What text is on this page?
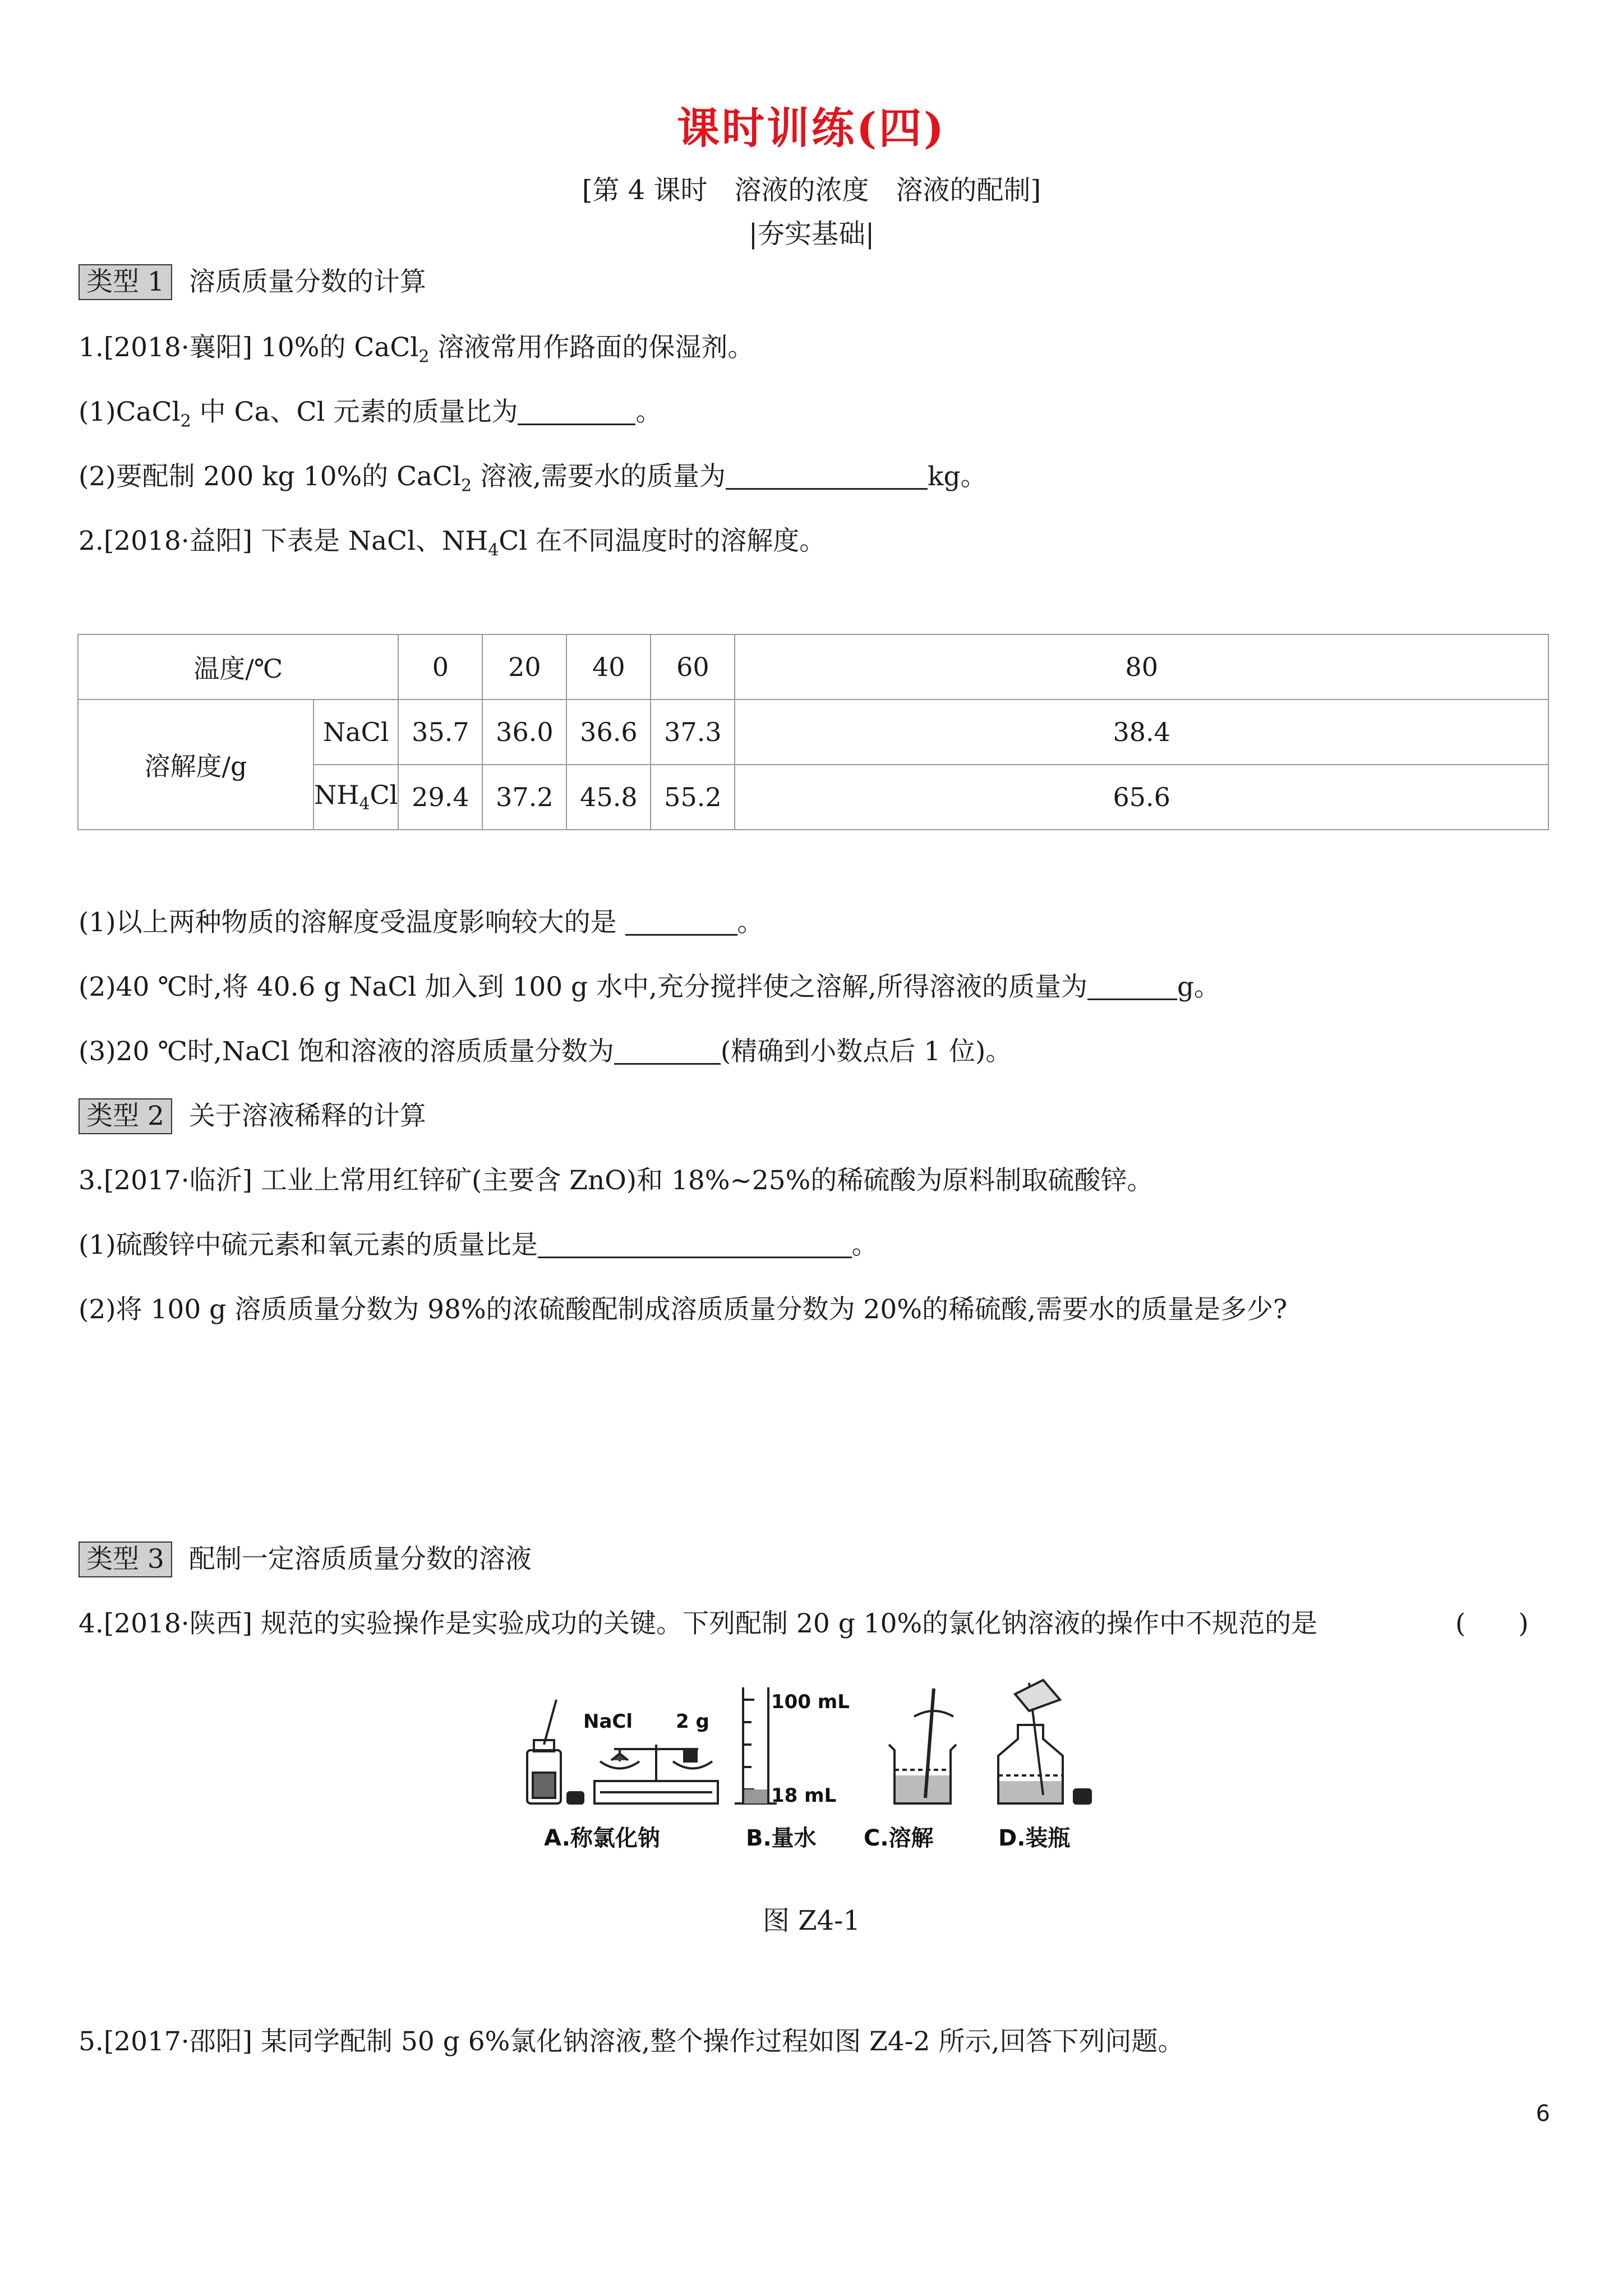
课时训练(四)
[第 4 课时　溶液的浓度　溶液的配制]
|夯实基础|
类型 1 溶质质量分数的计算
1.[2018·襄阳] 10%的 CaCl$_2$ 溶液常用作路面的保湿剂。
(1)CaCl$_2$ 中 Ca、Cl 元素的质量比为	。
(2)要配制 200 kg 10%的 CaCl$_2$ 溶液,需要水的质量为	kg。
2.[2018·益阳] 下表是 NaCl、$NH_4Cl$ 在不同温度时的溶解度。
温度/℃		0	20	40	60	80
溶解度/g	NaCl	35.7	36.0	36.6	37.3	38.4
	$NH_4Cl$	29.4	37.2	45.8	55.2	65.6
(1)以上两种物质的溶解度受温度影响较大的是	。
(2)40 ℃时,将 40.6 g NaCl 加入到 100 g 水中,充分搅拌使之溶解,所得溶液的质量为	g。
(3)20 ℃时,NaCl 饱和溶液的溶质质量分数为	(精确到小数点后 1 位)。
类型 2 关于溶液稀释的计算
3.[2017·临沂] 工业上常用红锌矿(主要含 ZnO)和 18%~25%的稀硫酸为原料制取硫酸锌。
(1)硫酸锌中硫元素和氧元素的质量比是	。
(2)将 100 g 溶质质量分数为 98%的浓硫酸配制成溶质质量分数为 20%的稀硫酸,需要水的质量是多少?
类型 3 配制一定溶质质量分数的溶液
4.[2018·陕西] 规范的实验操作是实验成功的关键。下列配制 20 g 10%的氯化钠溶液的操作中不规范的是	(　　)
NaCl 2 g
100 mL
18 mL
A.称氯化钠	B.量水 C.溶解	D.装瓶
图 Z4-1
5.[2017·邵阳] 某同学配制 50 g 6%氯化钠溶液,整个操作过程如图 Z4-2 所示,回答下列问题。
6
